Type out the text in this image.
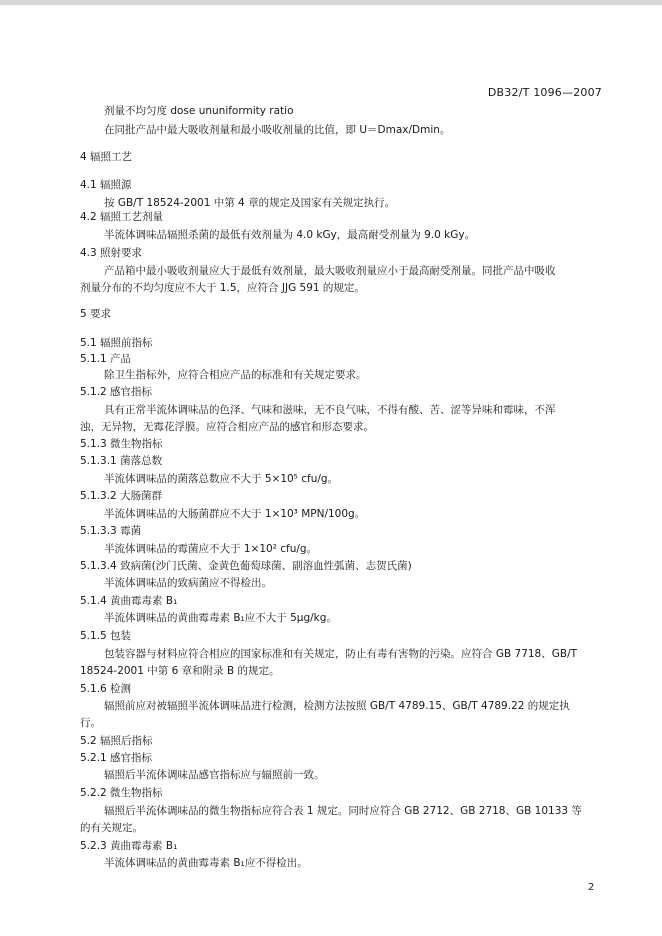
DB32/T 1096—2007
剂量不均匀度 dose ununiformity ratio
在同批产品中最大吸收剂量和最小吸收剂量的比值，即 U＝Dmax/Dmin。
4 辐照工艺
4.1 辐照源
按 GB/T 18524-2001 中第 4 章的规定及国家有关规定执行。
4.2 辐照工艺剂量
半流体调味品辐照杀菌的最低有效剂量为 4.0 kGy，最高耐受剂量为 9.0 kGy。
4.3 照射要求
产品箱中最小吸收剂量应大于最低有效剂量，最大吸收剂量应小于最高耐受剂量。同批产品中吸收
剂量分布的不均匀度应不大于 1.5，应符合 JJG 591 的规定。
5 要求
5.1 辐照前指标
5.1.1 产品
除卫生指标外，应符合相应产品的标准和有关规定要求。
5.1.2 感官指标
具有正常半流体调味品的色泽、气味和滋味，无不良气味，不得有酸、苦、涩等异味和霉味，不浑
浊，无异物，无霉花浮膜。应符合相应产品的感官和形态要求。
5.1.3 微生物指标
5.1.3.1 菌落总数
半流体调味品的菌落总数应不大于 5×10⁵ cfu/g。
5.1.3.2 大肠菌群
半流体调味品的大肠菌群应不大于 1×10³ MPN/100g。
5.1.3.3 霉菌
半流体调味品的霉菌应不大于 1×10² cfu/g。
5.1.3.4 致病菌(沙门氏菌、金黄色葡萄球菌、副溶血性弧菌、志贺氏菌)
半流体调味品的致病菌应不得检出。
5.1.4 黄曲霉毒素 B₁
半流体调味品的黄曲霉毒素 B₁应不大于 5μg/kg。
5.1.5 包装
包装容器与材料应符合相应的国家标准和有关规定，防止有毒有害物的污染。应符合 GB 7718、GB/T
18524-2001 中第 6 章和附录 B 的规定。
5.1.6 检测
辐照前应对被辐照半流体调味品进行检测，检测方法按照 GB/T 4789.15、GB/T 4789.22 的规定执
行。
5.2 辐照后指标
5.2.1 感官指标
辐照后半流体调味品感官指标应与辐照前一致。
5.2.2 微生物指标
辐照后半流体调味品的微生物指标应符合表 1 规定。同时应符合 GB 2712、GB 2718、GB 10133 等
的有关规定。
5.2.3 黄曲霉毒素 B₁
半流体调味品的黄曲霉毒素 B₁应不得检出。
2
